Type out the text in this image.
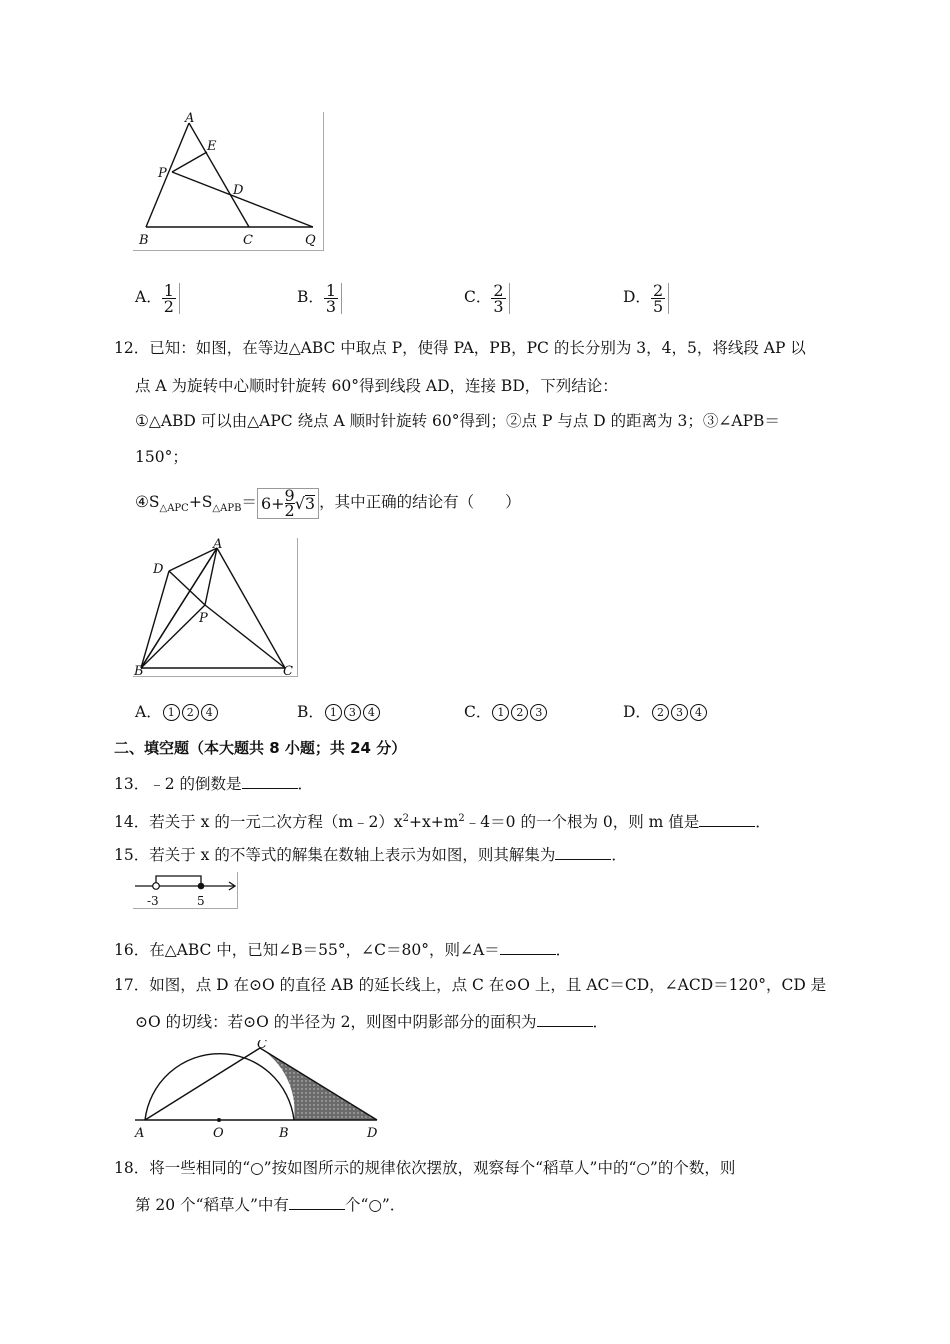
A
E
P
D
B	C	Q
A． $\frac{1}{2}$	B． $\frac{1}{3}$	C． $\frac{2}{3}$	D． $\frac{2}{5}$
12．已知：如图，在等边△ABC 中取点 P，使得 PA，PB，PC 的长分别为 3，4，5，将线段 AP 以
点 A 为旋转中心顺时针旋转 60°得到线段 AD，连接 BD，下列结论：
①△ABD 可以由△APC 绕点 A 顺时针旋转 60°得到；②点 P 与点 D 的距离为 3；③∠APB＝
150°；
$④S_{\triangle APC}+S_{\triangle APB}= 6+ \frac{9}{2} √3$ ，其中正确的结论有（　　）
A
D
P
B	C
A． 1 2 4	B． 1 3 4	C． 1 2 3	D． 2 3 4
二、填空题（本大题共 8 小题；共 24 分）
13．﹣2 的倒数是	．
14．若关于 x 的一元二次方程$(m﹣2)x^2+x+m^2﹣4=0$ 的一个根为 0，则 m 值是	．
15．若关于 x 的不等式的解集在数轴上表示为如图，则其解集为	．
-3	5
16．在△ABC 中，已知∠B＝55°，∠C＝80°，则∠A＝	．
17．如图，点 D 在⊙O 的直径 AB 的延长线上，点 C 在⊙O 上，且 AC＝CD，∠ACD＝120°，CD 是
⊙O 的切线：若⊙O 的半径为 2，则图中阴影部分的面积为	．
C
A	O	B	D
18．将一些相同的“○”按如图所示的规律依次摆放，观察每个“稻草人”中的“○”的个数，则
第 20 个“稻草人”中有	个“○”．
